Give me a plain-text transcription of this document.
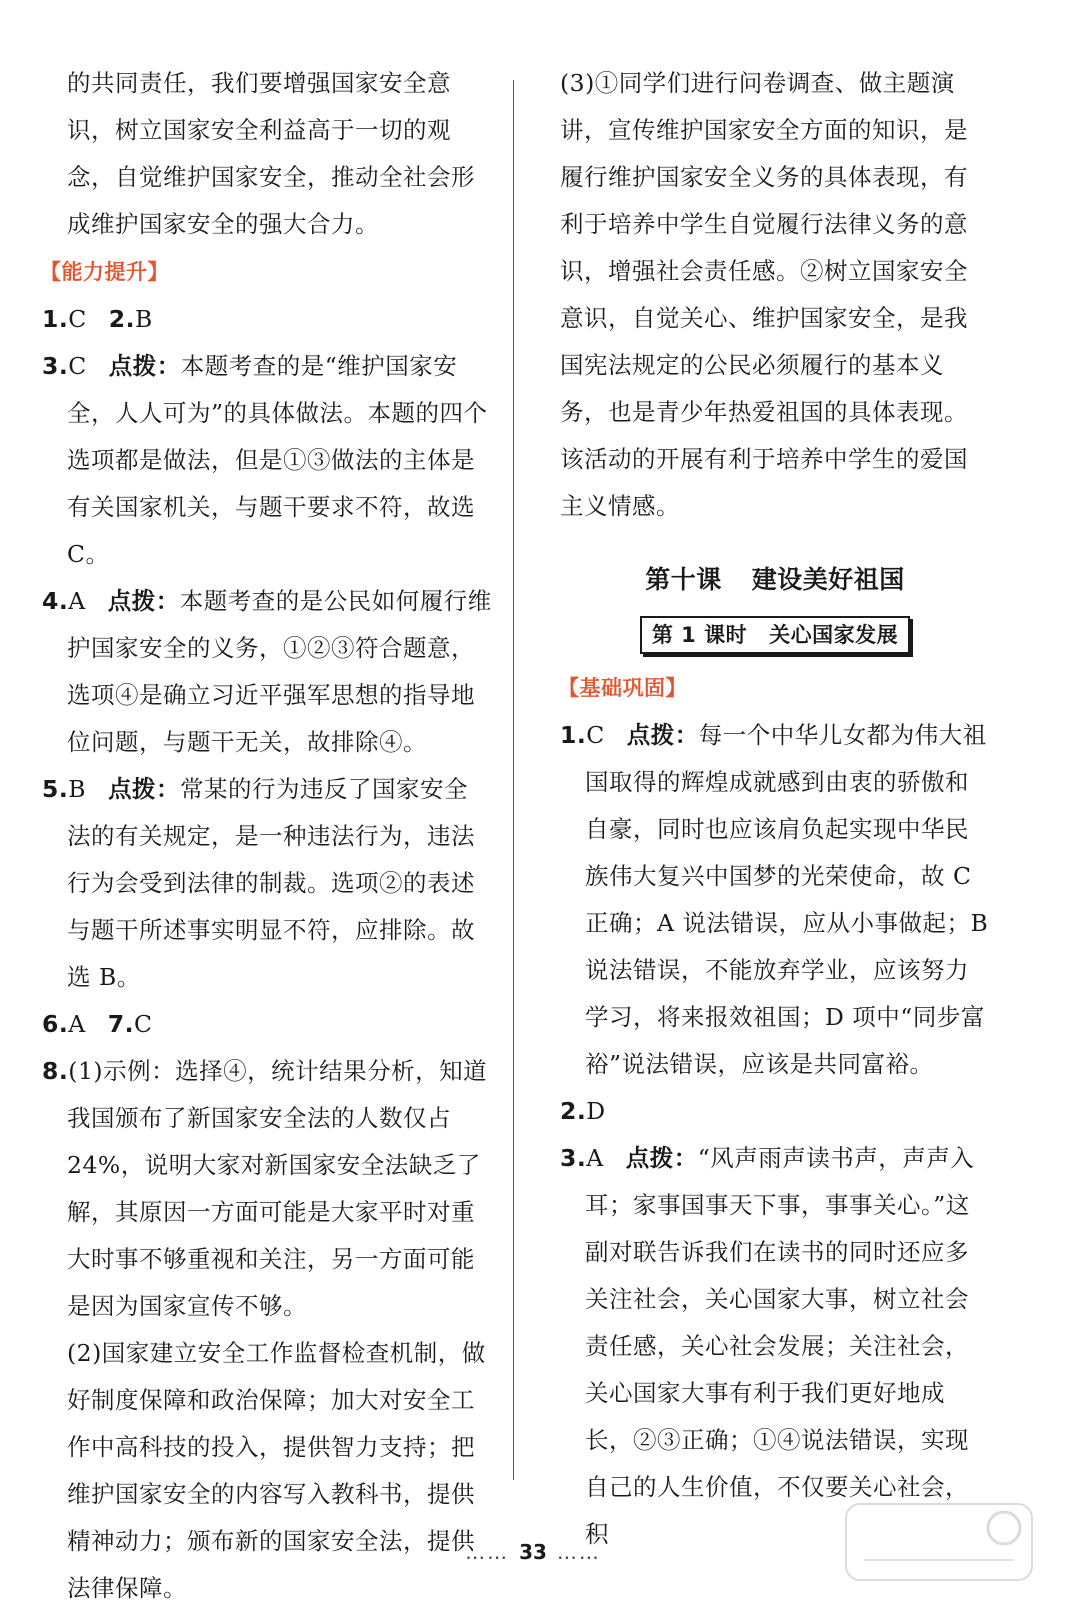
的共同责任，我们要增强国家安全意识，树立国家安全利益高于一切的观念，自觉维护国家安全，推动全社会形成维护国家安全的强大合力。

【能力提升】

1.C 2.B

3.C 点拨：本题考查的是“维护国家安全，人人可为”的具体做法。本题的四个选项都是做法，但是①③做法的主体是有关国家机关，与题干要求不符，故选 C。

4.A 点拨：本题考查的是公民如何履行维护国家安全的义务，①②③符合题意，选项④是确立习近平强军思想的指导地位问题，与题干无关，故排除④。

5.B 点拨：常某的行为违反了国家安全法的有关规定，是一种违法行为，违法行为会受到法律的制裁。选项②的表述与题干所述事实明显不符，应排除。故选 B。

6.A 7.C

8.(1)示例：选择④，统计结果分析，知道我国颁布了新国家安全法的人数仅占 24%，说明大家对新国家安全法缺乏了解，其原因一方面可能是大家平时对重大时事不够重视和关注，另一方面可能是因为国家宣传不够。

(2)国家建立安全工作监督检查机制，做好制度保障和政治保障；加大对安全工作中高科技的投入，提供智力支持；把维护国家安全的内容写入教科书，提供精神动力；颁布新的国家安全法，提供法律保障。

(3)①同学们进行问卷调查、做主题演讲，宣传维护国家安全方面的知识，是履行维护国家安全义务的具体表现，有利于培养中学生自觉履行法律义务的意识，增强社会责任感。②树立国家安全意识，自觉关心、维护国家安全，是我国宪法规定的公民必须履行的基本义务，也是青少年热爱祖国的具体表现。该活动的开展有利于培养中学生的爱国主义情感。

第十课 建设美好祖国
第 1 课时 关心国家发展

【基础巩固】

1.C 点拨：每一个中华儿女都为伟大祖国取得的辉煌成就感到由衷的骄傲和自豪，同时也应该肩负起实现中华民族伟大复兴中国梦的光荣使命，故 C 正确；A 说法错误，应从小事做起；B 说法错误，不能放弃学业，应该努力学习，将来报效祖国；D 项中“同步富裕”说法错误，应该是共同富裕。

2.D

3.A 点拨：“风声雨声读书声，声声入耳；家事国事天下事，事事关心。”这副对联告诉我们在读书的同时还应多关注社会，关心国家大事，树立社会责任感，关心社会发展；关注社会，关心国家大事有利于我们更好地成长，②③正确；①④说法错误，实现自己的人生价值，不仅要关心社会，积

…… 33 ……
